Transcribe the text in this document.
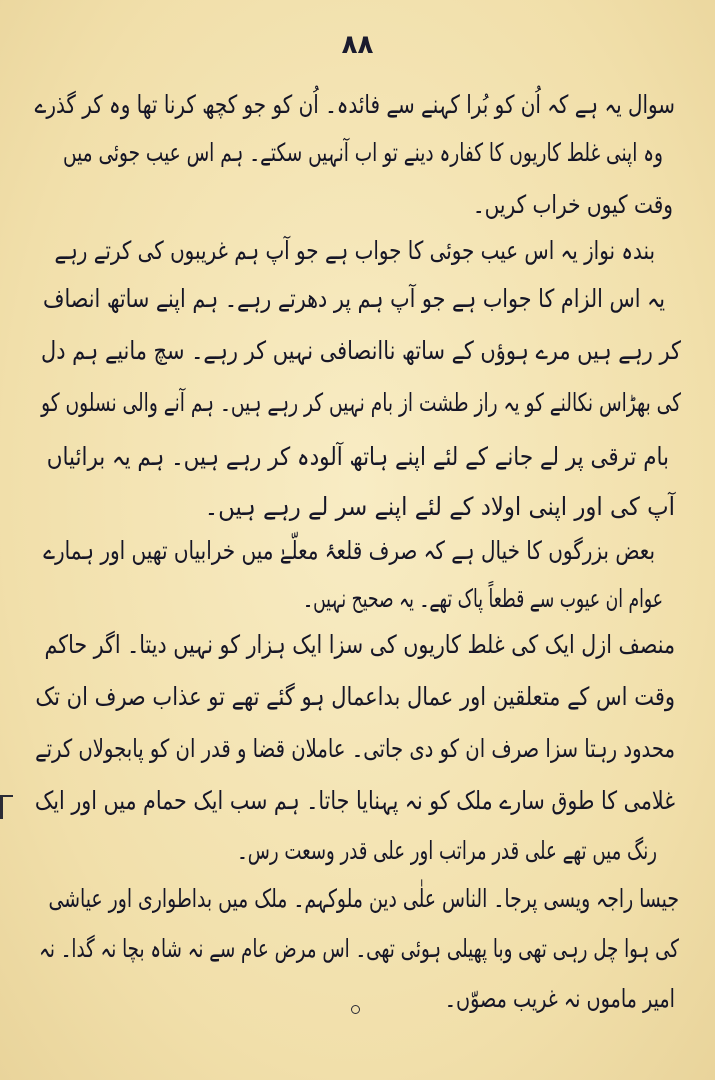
۸۸
سوال یہ ہے کہ اُن کو بُرا کہنے سے فائدہ۔ اُن کو جو کچھ کرنا تھا وہ کر گذرے
وہ اپنی غلط کاریوں کا کفارہ دینے تو اب آنہیں سکتے۔ ہم اس عیب جوئی میں
وقت کیوں خراب کریں۔
بندہ نواز یہ اس عیب جوئی کا جواب ہے جو آپ ہم غریبوں کی کرتے رہے
یہ اس الزام کا جواب ہے جو آپ ہم پر دھرتے رہے۔ ہم اپنے ساتھ انصاف
کر رہے ہیں مرے ہوؤں کے ساتھ ناانصافی نہیں کر رہے۔ سچ مانیے ہم دل
کی بھڑاس نکالنے کو یہ راز طشت از بام نہیں کر رہے ہیں۔ ہم آنے والی نسلوں کو
بام ترقی پر لے جانے کے لئے اپنے ہاتھ آلودہ کر رہے ہیں۔ ہم یہ برائیاں
آپ کی اور اپنی اولاد کے لئے اپنے سر لے رہے ہیں۔
بعض بزرگوں کا خیال ہے کہ صرف قلعۂ معلّےٰ میں خرابیاں تھیں اور ہمارے
عوام ان عیوب سے قطعاً پاک تھے۔ یہ صحیح نہیں۔
منصف ازل ایک کی غلط کاریوں کی سزا ایک ہزار کو نہیں دیتا۔ اگر حاکم
وقت اس کے متعلقین اور عمال بداعمال ہو گئے تھے تو عذاب صرف ان تک
محدود رہتا سزا صرف ان کو دی جاتی۔ عاملان قضا و قدر ان کو پابجولاں کرتے
غلامی کا طوق سارے ملک کو نہ پہنایا جاتا۔ ہم سب ایک حمام میں اور ایک
رنگ میں تھے علی قدر مراتب اور علی قدر وسعت رس۔
جیسا راجہ ویسی پرجا۔ الناس علٰی دین ملوکہم۔ ملک میں بداطواری اور عیاشی
کی ہوا چل رہی تھی وبا پھیلی ہوئی تھی۔ اس مرض عام سے نہ شاہ بچا نہ گدا۔ نہ
امیر ماموں نہ غریب مصوّں۔
